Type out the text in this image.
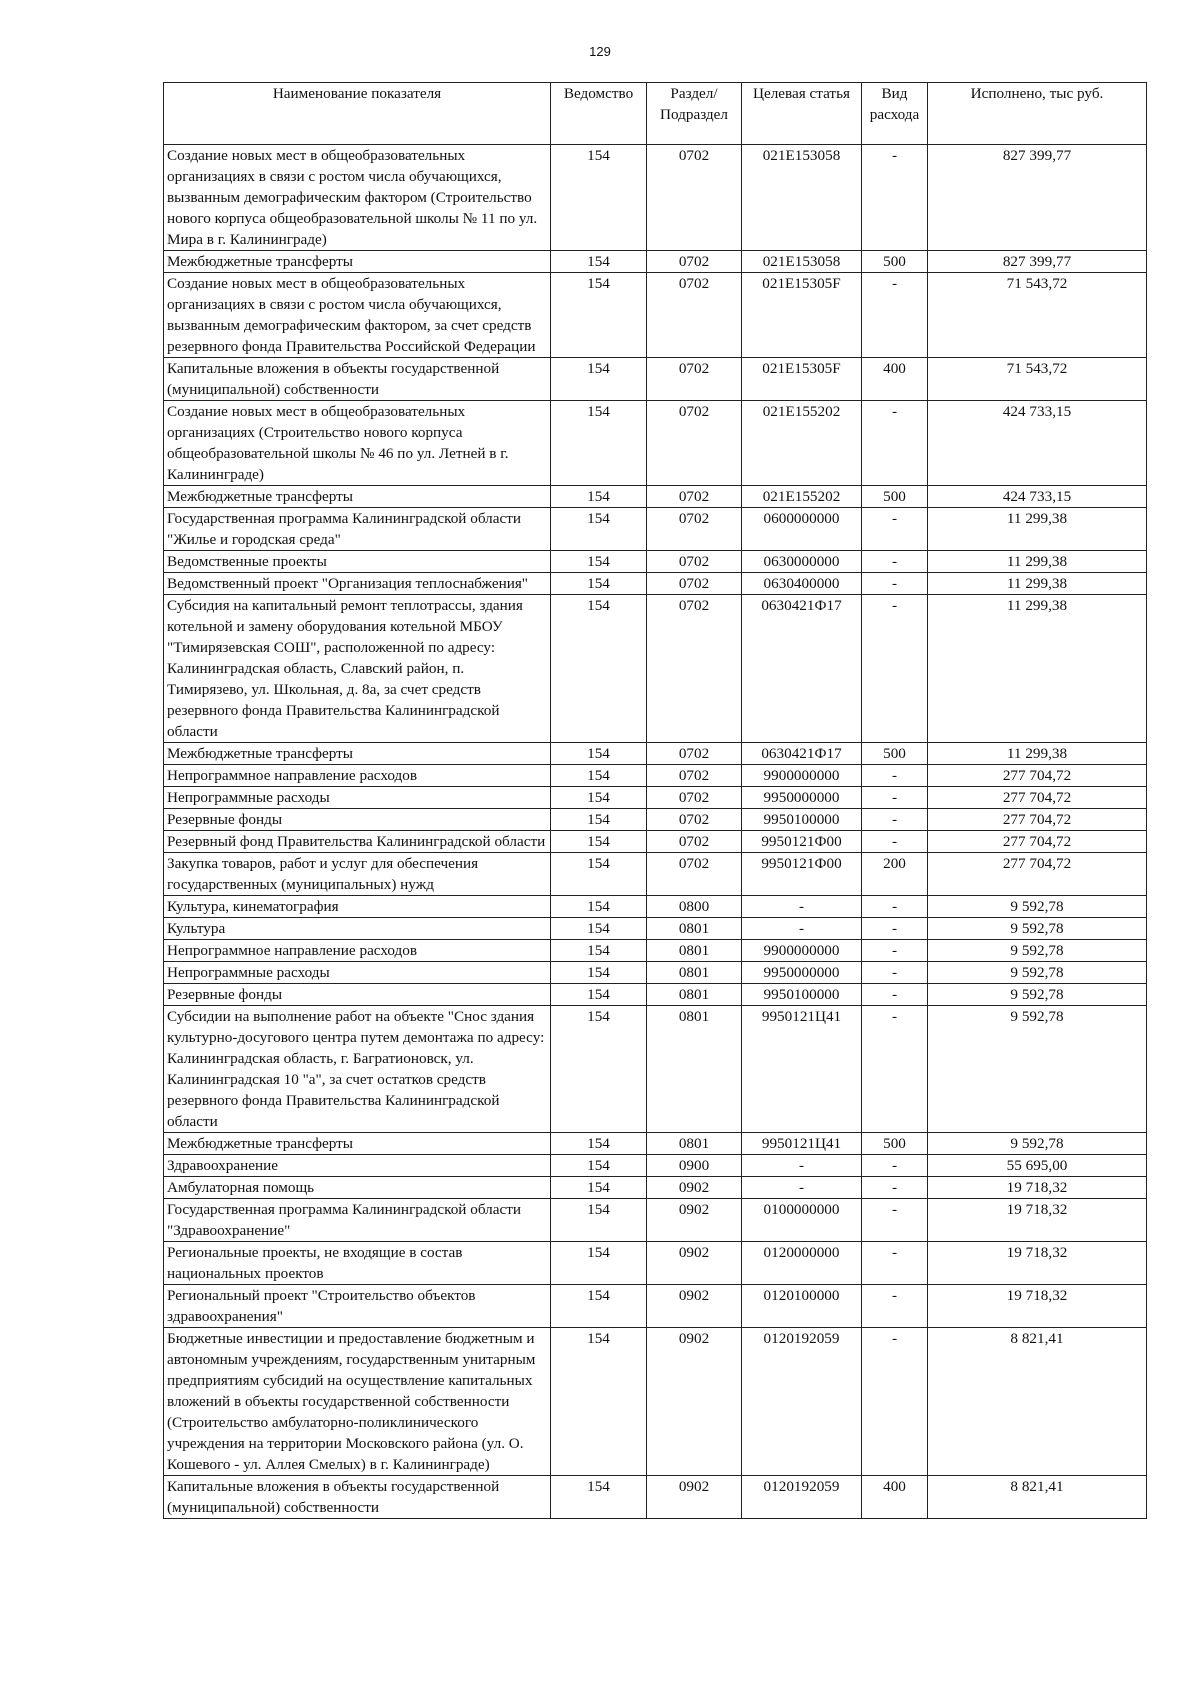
129
Наименование показателя	Ведомство	Раздел/ Подраздел	Целевая статья	Вид расхода	Исполнено, тыс руб.
Создание новых мест в общеобразовательных организациях в связи с ростом числа обучающихся, вызванным демографическим фактором (Строительство нового корпуса общеобразовательной школы № 11 по ул. Мира в г. Калининграде)	154	0702	021Е153058	-	827 399,77
Межбюджетные трансферты	154	0702	021Е153058	500	827 399,77
Создание новых мест в общеобразовательных организациях в связи с ростом числа обучающихся, вызванным демографическим фактором, за счет средств резервного фонда Правительства Российской Федерации	154	0702	021Е15305F	-	71 543,72
Капитальные вложения в объекты государственной (муниципальной) собственности	154	0702	021Е15305F	400	71 543,72
Создание новых мест в общеобразовательных организациях (Строительство нового корпуса общеобразовательной школы № 46 по ул. Летней в г. Калининграде)	154	0702	021Е155202	-	424 733,15
Межбюджетные трансферты	154	0702	021Е155202	500	424 733,15
Государственная программа Калининградской области "Жилье и городская среда"	154	0702	0600000000	-	11 299,38
Ведомственные проекты	154	0702	0630000000	-	11 299,38
Ведомственный проект "Организация теплоснабжения"	154	0702	0630400000	-	11 299,38
Субсидия на капитальный ремонт теплотрассы, здания котельной и замену оборудования котельной МБОУ "Тимирязевская СОШ", расположенной по адресу: Калининградская область, Славский район, п. Тимирязево, ул. Школьная, д. 8а, за счет средств резервного фонда Правительства Калининградской области	154	0702	0630421Ф17	-	11 299,38
Межбюджетные трансферты	154	0702	0630421Ф17	500	11 299,38
Непрограммное направление расходов	154	0702	9900000000	-	277 704,72
Непрограммные расходы	154	0702	9950000000	-	277 704,72
Резервные фонды	154	0702	9950100000	-	277 704,72
Резервный фонд Правительства Калининградской области	154	0702	9950121Ф00	-	277 704,72
Закупка товаров, работ и услуг для обеспечения государственных (муниципальных) нужд	154	0702	9950121Ф00	200	277 704,72
Культура, кинематография	154	0800	-	-	9 592,78
Культура	154	0801	-	-	9 592,78
Непрограммное направление расходов	154	0801	9900000000	-	9 592,78
Непрограммные расходы	154	0801	9950000000	-	9 592,78
Резервные фонды	154	0801	9950100000	-	9 592,78
Субсидии на выполнение работ на объекте "Снос здания культурно-досугового центра путем демонтажа по адресу: Калининградская область, г. Багратионовск, ул. Калининградская 10 "а", за счет остатков средств резервного фонда Правительства Калининградской области	154	0801	9950121Ц41	-	9 592,78
Межбюджетные трансферты	154	0801	9950121Ц41	500	9 592,78
Здравоохранение	154	0900	-	-	55 695,00
Амбулаторная помощь	154	0902	-	-	19 718,32
Государственная программа Калининградской области "Здравоохранение"	154	0902	0100000000	-	19 718,32
Региональные проекты, не входящие в состав национальных проектов	154	0902	0120000000	-	19 718,32
Региональный проект "Строительство объектов здравоохранения"	154	0902	0120100000	-	19 718,32
Бюджетные инвестиции и предоставление бюджетным и автономным учреждениям, государственным унитарным предприятиям субсидий на осуществление капитальных вложений в объекты государственной собственности (Строительство амбулаторно-поликлинического учреждения на территории Московского района (ул. О. Кошевого - ул. Аллея Смелых) в г. Калининграде)	154	0902	0120192059	-	8 821,41
Капитальные вложения в объекты государственной (муниципальной) собственности	154	0902	0120192059	400	8 821,41
